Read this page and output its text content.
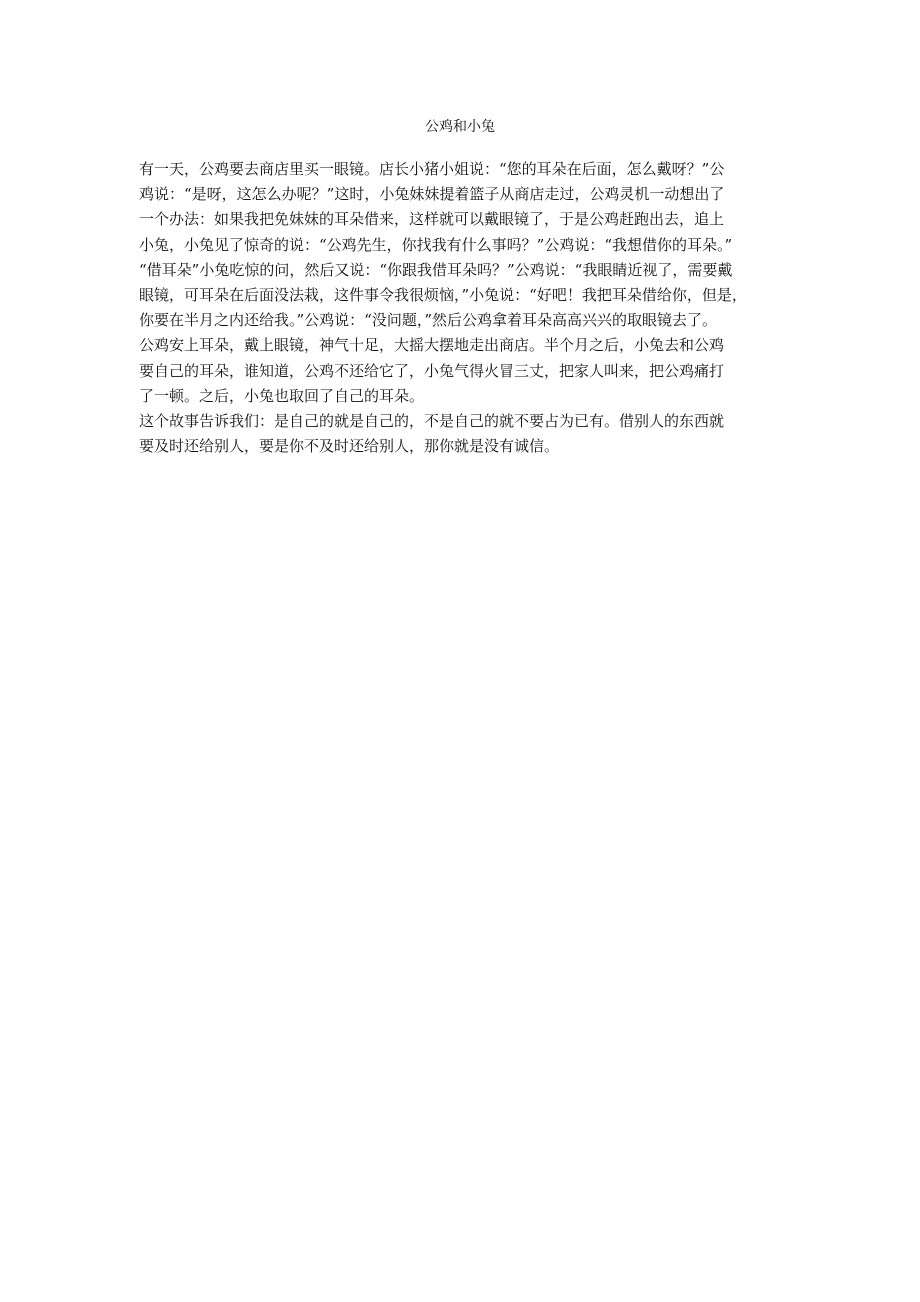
公鸡和小兔
有一天，公鸡要去商店里买一眼镜。店长小猪小姐说：“您的耳朵在后面，怎么戴呀？”公
鸡说：“是呀，这怎么办呢？”这时，小兔妹妹提着篮子从商店走过，公鸡灵机一动想出了
一个办法：如果我把免妹妹的耳朵借来，这样就可以戴眼镜了，于是公鸡赶跑出去，追上
小兔，小兔见了惊奇的说：“公鸡先生，你找我有什么事吗？”公鸡说：“我想借你的耳朵。”
“借耳朵”小兔吃惊的问，然后又说：“你跟我借耳朵吗？”公鸡说：“我眼睛近视了，需要戴
眼镜，可耳朵在后面没法栽，这件事令我很烦恼，”小兔说：“好吧！我把耳朵借给你，但是，
你要在半月之内还给我。”公鸡说：“没问题，”然后公鸡拿着耳朵高高兴兴的取眼镜去了。
公鸡安上耳朵，戴上眼镜，神气十足，大摇大摆地走出商店。半个月之后，小兔去和公鸡
要自己的耳朵，谁知道，公鸡不还给它了，小兔气得火冒三丈，把家人叫来，把公鸡痛打
了一顿。之后，小兔也取回了自己的耳朵。
这个故事告诉我们：是自己的就是自己的，不是自己的就不要占为已有。借别人的东西就
要及时还给别人，要是你不及时还给别人，那你就是没有诚信。
